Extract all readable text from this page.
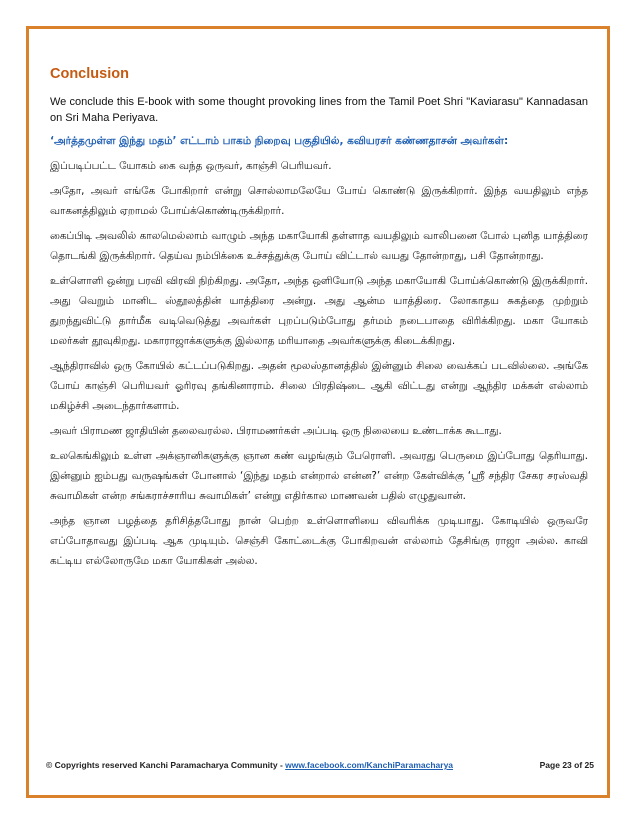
Conclusion

We conclude this E-book with some thought provoking lines from the Tamil Poet Shri "Kaviarasu" Kannadasan on Sri Maha Periyava.

‘அர்த்தமுள்ள இந்து மதம்’ எட்டாம் பாகம் நிறைவு பகுதியில், கவியரசர் கண்ணதாசன் அவர்கள்:

இப்படிப்பட்ட யோகம் கை வந்த ஒருவர், காஞ்சி பெரியவர்.

அதோ, அவர் எங்கே போகிறார் என்று சொல்லாமலேயே போய் கொண்டு இருக்கிறார். இந்த வயதிலும் எந்த வாகனத்திலும் ஏறாமல் போய்க்கொண்டிருக்கிறார்.

கைப்பிடி அவலில் காலமெல்லாம் வாழும் அந்த மகாயோகி தள்ளாத வயதிலும் வாலிபனை போல் புனித யாத்திரை தொடங்கி இருக்கிறார். தெய்வ நம்பிக்கை உச்சத்துக்கு போய் விட்டால் வயது தோன்றாது, பசி தோன்றாது.

உள்ளொளி ஒன்று பரவி விரவி நிற்கிறது. அதோ, அந்த ஒளியோடு அந்த மகாயோகி போய்க்கொண்டு இருக்கிறார். அது வெறும் மானிட ஸ்தூலத்தின் யாத்திரை அன்று. அது ஆன்ம யாத்திரை. லோகாதய சுகத்தை முற்றும் துறந்துவிட்டு தார்மீக வடிவெடுத்து அவர்கள் புறப்படும்போது தர்மம் நடைபாதை விரிக்கிறது. மகா யோகம் மலர்கள் தூவுகிறது. மகாராஜாக்களுக்கு இல்லாத மரியாதை அவர்களுக்கு கிடைக்கிறது.

ஆந்திராவில் ஒரு கோயில் கட்டப்படுகிறது. அதன் மூலஸ்தானத்தில் இன்னும் சிலை வைக்கப் படவில்லை. அங்கே போய் காஞ்சி பெரியவர் ஓரிரவு தங்கினாராம். சிலை பிரதிஷ்டை ஆகி விட்டது என்று ஆந்திர மக்கள் எல்லாம் மகிழ்ச்சி அடைந்தார்களாம்.

அவர் பிராமண ஜாதியின் தலைவரல்ல. பிராமணர்கள் அப்படி ஒரு நிலையை உண்டாக்க கூடாது.

உலகெங்கிலும் உள்ள அக்ஞானிகளுக்கு ஞான கண் வழங்கும் பேரொளி. அவரது பெருமை இப்போது தெரியாது. இன்னும் ஐம்பது வருஷங்கள் போனால் ‘இந்து மதம் என்றால் என்ன?’ என்ற கேள்விக்கு ‘ஸ்ரீ சந்திர சேகர சரஸ்வதி சுவாமிகள் என்ற சங்கராச்சாரிய சுவாமிகள்’ என்று எதிர்கால மாணவன் பதில் எழுதுவான்.

அந்த ஞான பழத்தை தரிசித்தபோது நான் பெற்ற உள்ளொளியை விவரிக்க முடியாது. கோடியில் ஒருவரே எப்போதாவது இப்படி ஆக முடியும். செஞ்சி கோட்டைக்கு போகிறவன் எல்லாம் தேசிங்கு ராஜா அல்ல. காவி கட்டிய எல்லோருமே மகா யோகிகள் அல்ல.

© Copyrights reserved Kanchi Paramacharya Community - www.facebook.com/KanchiParamacharya	Page 23 of 25
